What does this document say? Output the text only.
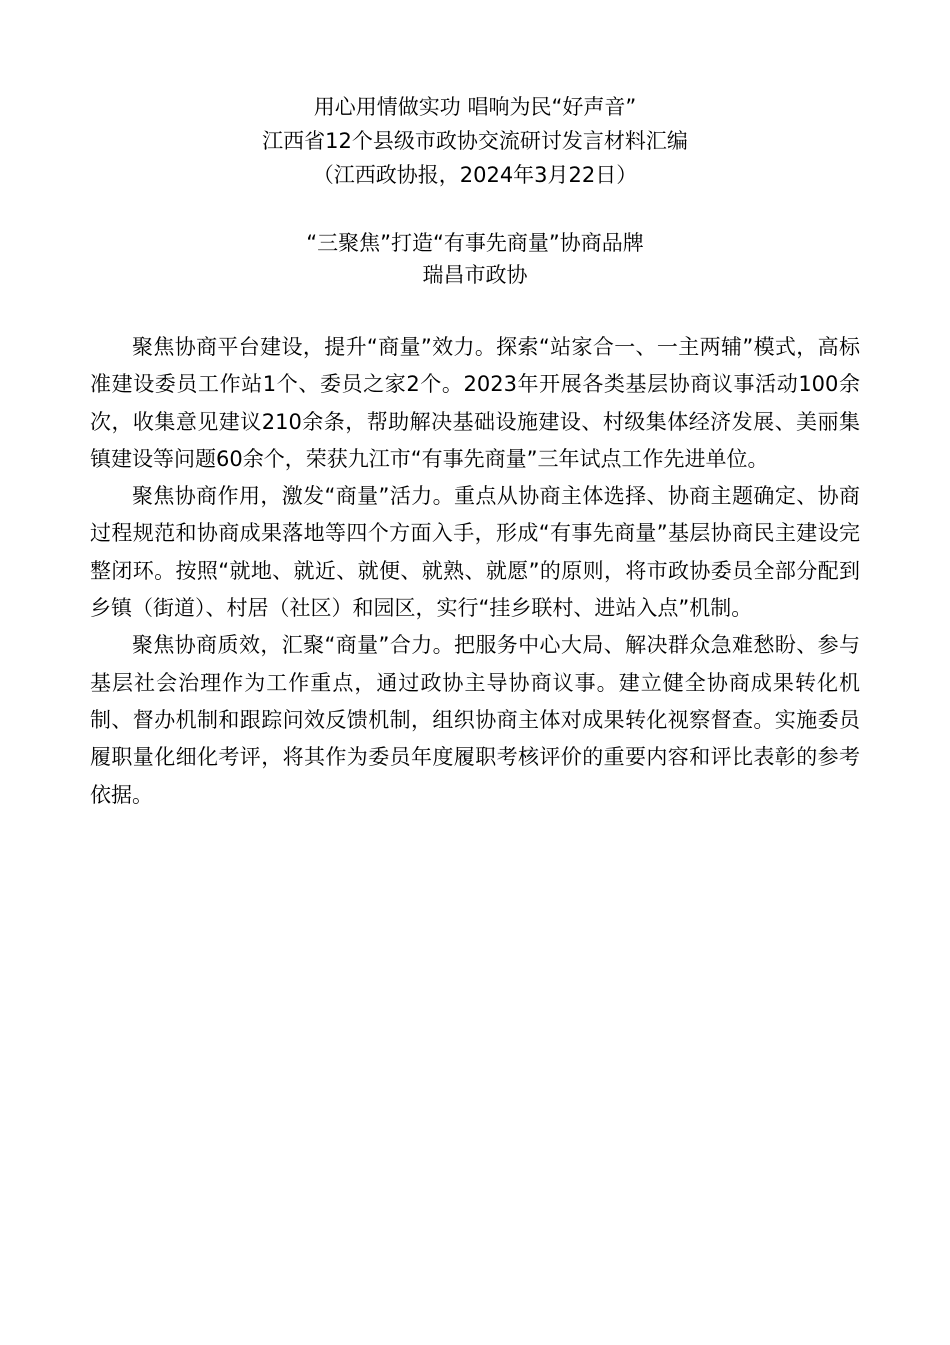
用心用情做实功 唱响为民“好声音”
江西省12个县级市政协交流研讨发言材料汇编
（江西政协报，2024年3月22日）
“三聚焦”打造“有事先商量”协商品牌
瑞昌市政协

聚焦协商平台建设，提升“商量”效力。探索“站家合一、一主两辅”模式，高标准建设委员工作站1个、委员之家2个。2023年开展各类基层协商议事活动100余次，收集意见建议210余条，帮助解决基础设施建设、村级集体经济发展、美丽集镇建设等问题60余个，荣获九江市“有事先商量”三年试点工作先进单位。

聚焦协商作用，激发“商量”活力。重点从协商主体选择、协商主题确定、协商过程规范和协商成果落地等四个方面入手，形成“有事先商量”基层协商民主建设完整闭环。按照“就地、就近、就便、就熟、就愿”的原则，将市政协委员全部分配到乡镇（街道）、村居（社区）和园区，实行“挂乡联村、进站入点”机制。

聚焦协商质效，汇聚“商量”合力。把服务中心大局、解决群众急难愁盼、参与基层社会治理作为工作重点，通过政协主导协商议事。建立健全协商成果转化机制、督办机制和跟踪问效反馈机制，组织协商主体对成果转化视察督查。实施委员履职量化细化考评，将其作为委员年度履职考核评价的重要内容和评比表彰的参考依据。
